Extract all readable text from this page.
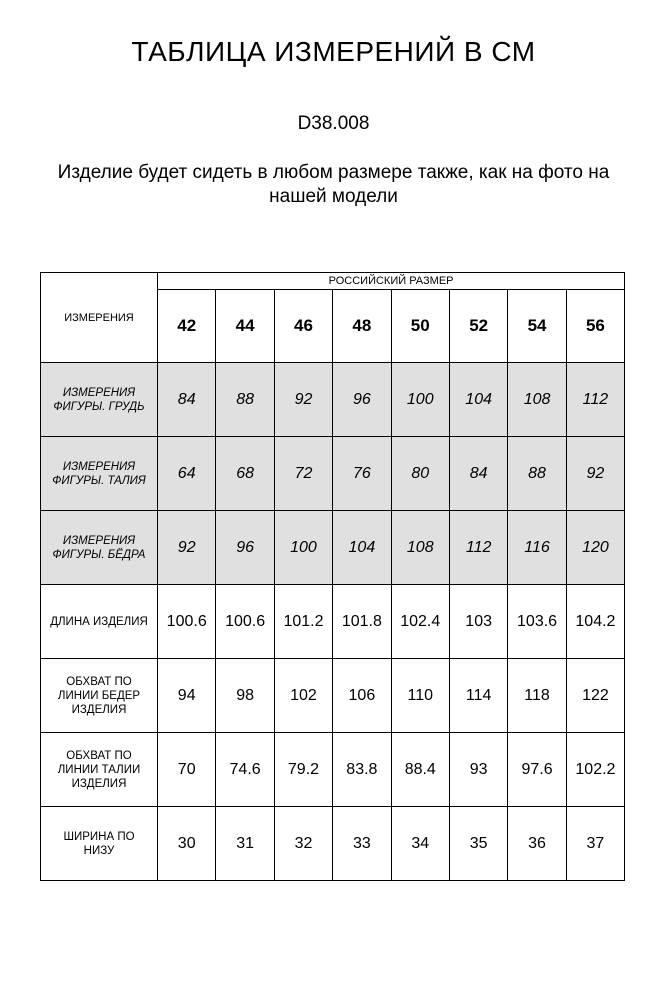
ТАБЛИЦА ИЗМЕРЕНИЙ В СМ
D38.008
Изделие будет сидеть в любом размере также, как на фото на нашей модели
ИЗМЕРЕНИЯ	РОССИЙСКИЙ РАЗМЕР							
	42	44	46	48	50	52	54	56
ИЗМЕРЕНИЯ
ФИГУРЫ. ГРУДЬ	84	88	92	96	100	104	108	112
ИЗМЕРЕНИЯ
ФИГУРЫ. ТАЛИЯ	64	68	72	76	80	84	88	92
ИЗМЕРЕНИЯ
ФИГУРЫ. БЁДРА	92	96	100	104	108	112	116	120
ДЛИНА ИЗДЕЛИЯ	100.6	100.6	101.2	101.8	102.4	103	103.6	104.2
ОБХВАТ ПО
ЛИНИИ БЕДЕР
ИЗДЕЛИЯ	94	98	102	106	110	114	118	122
ОБХВАТ ПО
ЛИНИИ ТАЛИИ
ИЗДЕЛИЯ	70	74.6	79.2	83.8	88.4	93	97.6	102.2
ШИРИНА ПО
НИЗУ	30	31	32	33	34	35	36	37
